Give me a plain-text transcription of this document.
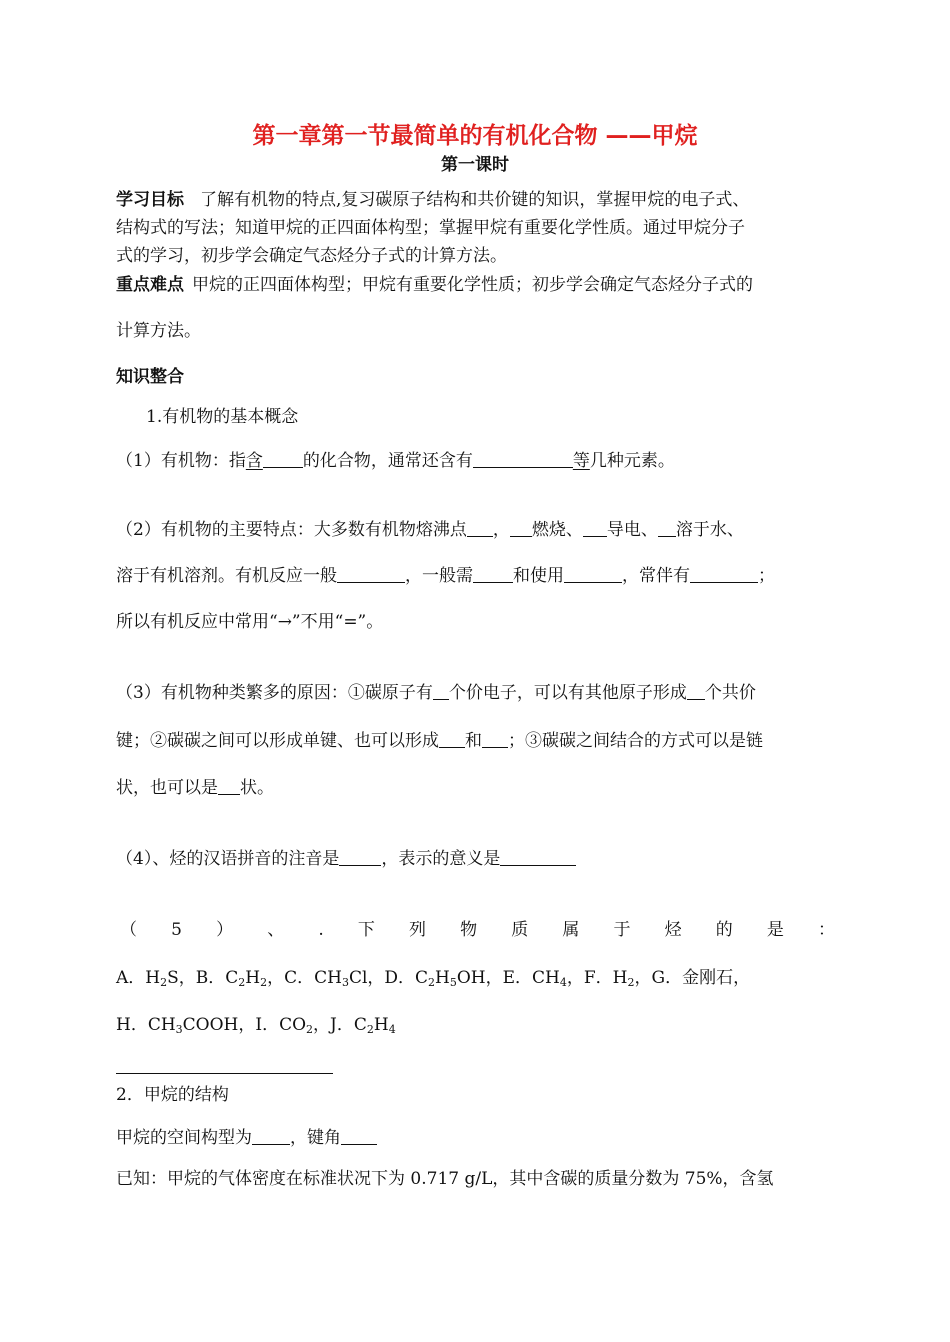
第一章第一节最简单的有机化合物 ——甲烷
第一课时
学习目标 了解有机物的特点,复习碳原子结构和共价键的知识，掌握甲烷的电子式、
结构式的写法；知道甲烷的正四面体构型；掌握甲烷有重要化学性质。通过甲烷分子
式的学习，初步学会确定气态烃分子式的计算方法。
重点难点 甲烷的正四面体构型；甲烷有重要化学性质；初步学会确定气态烃分子式的
计算方法。
知识整合
1.有机物的基本概念
（1）有机物：指含 的化合物，通常还含有	等几种元素。
（2）有机物的主要特点：大多数有机物熔沸点 ， 燃烧、 导电、 溶于水、
溶于有机溶剂。有机反应一般	，一般需 和使用	，常伴有	；
所以有机反应中常用“→”不用“=”。
（3）有机物种类繁多的原因：①碳原子有 个价电子，可以有其他原子形成 个共价
键；②碳碳之间可以形成单键、也可以形成 和 ；③碳碳之间结合的方式可以是链
状，也可以是 状。
（4）、烃的汉语拼音的注音是 ，表示的意义是
（ 5 ） 、 . 下 列 物 质 属 于 烃 的 是 ：
A．$H_2S$，B．$C_2H_2$，C．$CH_3Cl$，D．$C_2H_5OH$，E．$CH_4$，F．$H_2$，G．金刚石，
H．$CH_3COOH$，I．$CO_2$，J．$C_2H_4$
2．甲烷的结构
甲烷的空间构型为 ，键角
已知：甲烷的气体密度在标准状况下为 0.717 g/L，其中含碳的质量分数为 75%，含氢
